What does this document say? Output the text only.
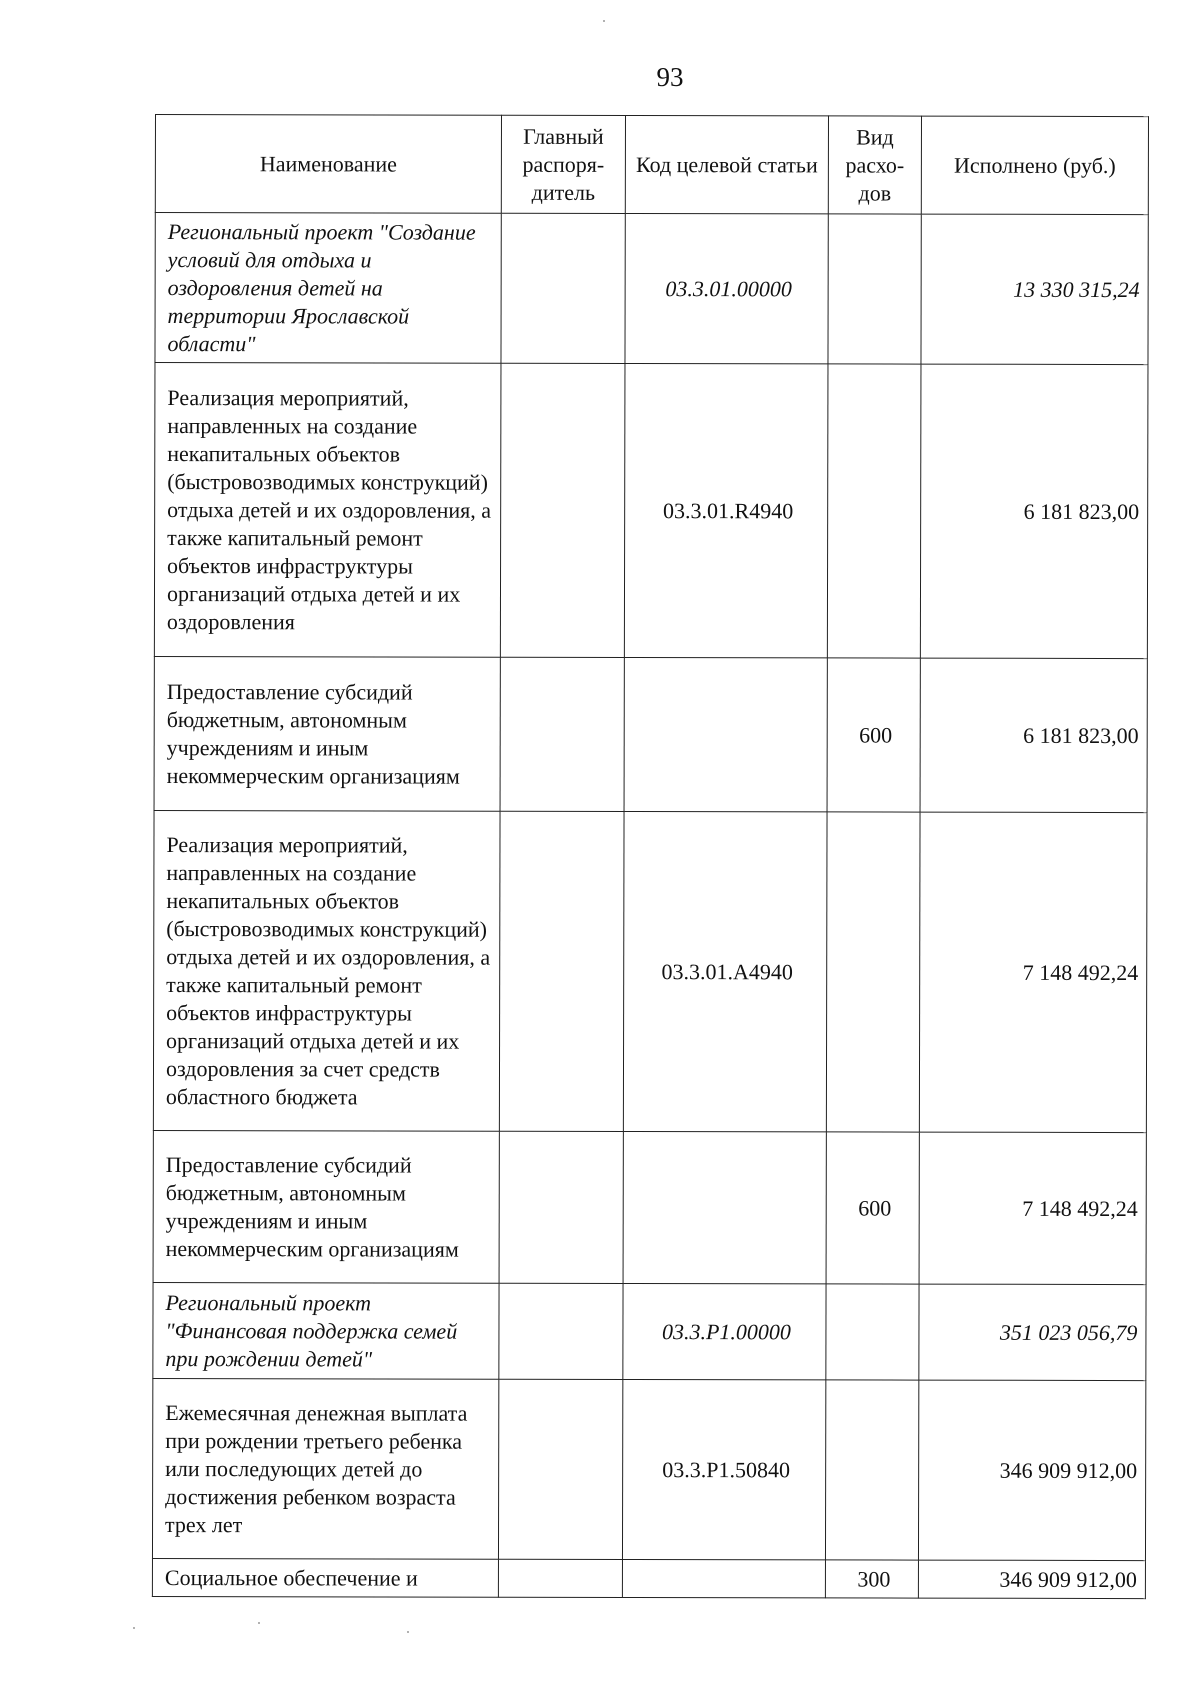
93
Наименование	Главный распоря-дитель	Код целевой статьи	Вид расхо-дов	Исполнено (руб.)
Региональный проект "Создание условий для отдыха и оздоровления детей на территории Ярославской области"		03.3.01.00000		13 330 315,24
Реализация мероприятий, направленных на создание некапитальных объектов (быстровозводимых конструкций) отдыха детей и их оздоровления, а также капитальный ремонт объектов инфраструктуры организаций отдыха детей и их оздоровления		03.3.01.R4940		6 181 823,00
Предоставление субсидий бюджетным, автономным учреждениям и иным некоммерческим организациям			600	6 181 823,00
Реализация мероприятий, направленных на создание некапитальных объектов (быстровозводимых конструкций) отдыха детей и их оздоровления, а также капитальный ремонт объектов инфраструктуры организаций отдыха детей и их оздоровления за счет средств областного бюджета		03.3.01.A4940		7 148 492,24
Предоставление субсидий бюджетным, автономным учреждениям и иным некоммерческим организациям			600	7 148 492,24
Региональный проект "Финансовая поддержка семей при рождении детей"		03.3.P1.00000		351 023 056,79
Ежемесячная денежная выплата при рождении третьего ребенка или последующих детей до достижения ребенком возраста трех лет		03.3.P1.50840		346 909 912,00
Социальное обеспечение и			300	346 909 912,00
